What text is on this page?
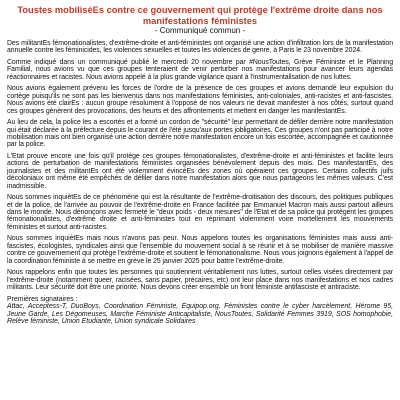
Toustes mobiliséEs contre ce gouvernement qui protège l'extrême droite dans nos manifestations féministes

- Communiqué commun -

Des militantEs fémonationalistes, d'extrême-droite et anti-féministes ont organisé une action d'infiltration lors de la manifestation annuelle contre les féminicides, les violences sexuelles et toutes les violences de genre, à Paris le 23 novembre 2024.

Comme indiqué dans un communiqué publié le mercredi 20 novembre par #NousToutes, Grève Féministe et le Planning Familial, nous avions vu que ces groupes tenteraient de venir perturber nos manifestations pour avancer leurs agendas réactionnaires et racistes. Nous avions appelé à la plus grande vigilance quant à l'instrumentalisation de nos luttes.

Nous avions également prévenu les forces de l'ordre de la présence de ces groupes et avions demandé leur expulsion du cortège puisqu'ils ne sont pas les bienvenus dans nos manifestations féministes, anti-coloniales, anti-racistes et anti-fascistes. Nous avions été clairEs : aucun groupe résolument à l'opposé de nos valeurs ne devait manifester à nos côtés, surtout quand ces groupes génèrent des provocations, des heurts et des affrontements et mettent en danger les manifestantEs.

Au lieu de cela, la police les a escortés et a formé un cordon de "sécurité" leur permettant de défiler derrière notre manifestation qui était déclarée à la préfecture depuis le courant de l'été jusqu'aux portes jobligatoires. Ces groupes n'ont pas participé à notre mobilisation mais ont bien organisé une action derrière notre manifestation encore un fois escortée, accompagnée et cautionnée par la police.

L'Etat prouve encore une fois qu'il protège ces groupes fémonationalistes, d'extrême-droite et anti-féministes et facilite leurs actions de perturbation de manifestations féministes organisées bénévolement depuis des mois. Des manifestantEs, des journalistes et des militantEs ont été violemment évincéEs des zones où opéraient ces groupes. Certains collectifs juifs décoloniaux ont même été empêchés de défiler dans notre manifestation alors que nous partageons les mêmes valeurs. C'est inadmissible.

Nous sommes inquiètEs de ce phénomène qui est la résultante de l'extrême-droitisation des discours, des politiques publiques et de la police, de l'arrivée au pouvoir de l'extrême-droite en France facilitée par Emmanuel Macron mais aussi partout ailleurs dans le monde. Nous dénonçons avec fermeté le "deux poids - deux mesures" de l'Etat et de sa police qui protègent les groupes fémonationalistes, d'extrême droite et anti-féministes tout en réprimant violemment voire mortellement les mouvements féministes et surtout anti-racistes.

Nous sommes inquiètEs mais nous n'avons pas peur. Nous appelons toutes les organisations féministes mais aussi anti-fascistes, écologistes, syndicales ainsi que l'ensemble du mouvement social à se réunir et à se mobiliser de manière massive contre ce gouvernement qui protège l'extrême-droite et soutient le fémonationalisme. Nous vous joignons également à l'appel de la coordination féministe à se mettre en grève le 25 janvier 2025 pour battre l'extrême-droite.

Nous rappelons enfin que toutes les personnes qui soutiennent véritablement nos luttes, surtout celles visées directement par l'extrême-droite (notamment queer, racisées, sans papier, précaires, etc) ont leur place dans nos manifestations et nos cadres militants. Leur sécurité doit être une priorité. Nous devons créer ensemble un front féministe antifasciste et antiraciste.

Premières signataires :

Attac, Acceptess-T, DuoBoys, Coordination Féministe, Equipop.org, Féministes contre le cyber harcèlement, Hérome 95, Jeune Garde, Les Dégomeuses, Marche Féministe Anticapitaliste, NousToutes, Solidarité Femmes 3919, SOS homophobie, Relève féministe, Union Etudiante, Union syndicale Solidaires
